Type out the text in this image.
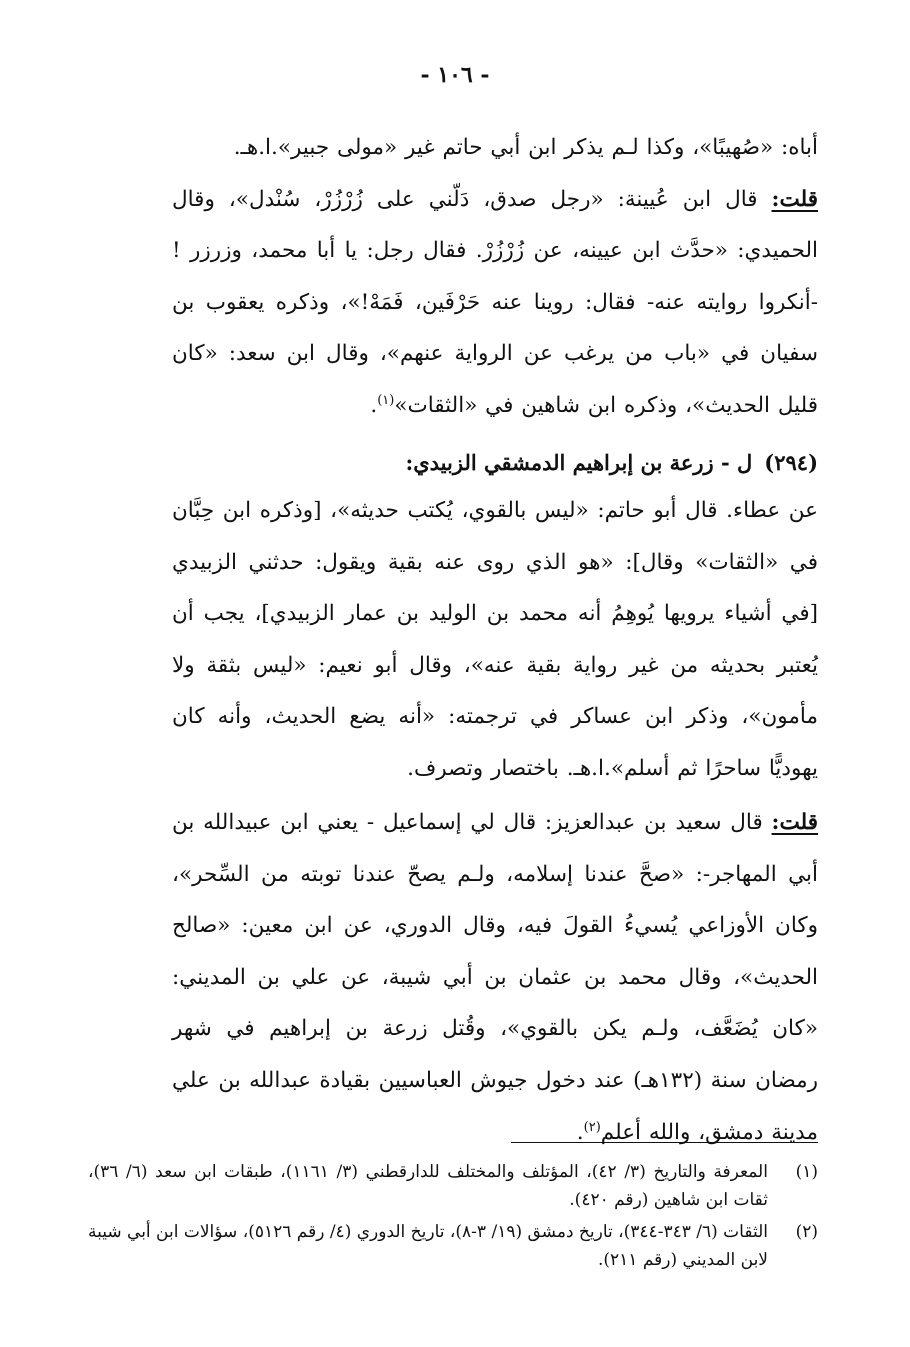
- ١٠٦ -
أباه: «صُهيبًا»، وكذا لـم يذكر ابن أبي حاتم غير «مولى جبير».ا.هـ.
قلت: قال ابن عُيينة: «رجل صدق، دَلّني على زُرْزُرْ، سُنْدل»، وقال الحميدي: «حدَّث ابن عيينه، عن زُرْزُرْ. فقال رجل: يا أبا محمد، وزرزر ! -أنكروا روايته عنه- فقال: روينا عنه حَرْفَين، فَمَهْ!»، وذكره يعقوب بن سفيان في «باب من يرغب عن الرواية عنهم»، وقال ابن سعد: «كان قليل الحديث»، وذكره ابن شاهين في «الثقات»$^{(١)}$.
(٢٩٤)ل - زرعة بن إبراهيم الدمشقي الزبيدي:
عن عطاء. قال أبو حاتم: «ليس بالقوي، يُكتب حديثه»، [وذكره ابن حِبَّان في «الثقات» وقال]: «هو الذي روى عنه بقية ويقول: حدثني الزبيدي [في أشياء يرويها يُوهِمُ أنه محمد بن الوليد بن عمار الزبيدي]، يجب أن يُعتبر بحديثه من غير رواية بقية عنه»، وقال أبو نعيم: «ليس بثقة ولا مأمون»، وذكر ابن عساكر في ترجمته: «أنه يضع الحديث، وأنه كان يهوديًّا ساحرًا ثم أسلم».ا.هـ. باختصار وتصرف.
قلت: قال سعيد بن عبدالعزيز: قال لي إسماعيل - يعني ابن عبيدالله بن أبي المهاجر-: «صحَّ عندنا إسلامه، ولـم يصحّ عندنا توبته من السِّحر»، وكان الأوزاعي يُسيءُ القولَ فيه، وقال الدوري، عن ابن معين: «صالح الحديث»، وقال محمد بن عثمان بن أبي شيبة، عن علي بن المديني: «كان يُضَعَّف، ولـم يكن بالقوي»، وقُتل زرعة بن إبراهيم في شهر رمضان سنة (١٣٢هـ) عند دخول جيوش العباسيين بقيادة عبدالله بن علي مدينة دمشق، والله أعلم$^{(٢)}$.
(١)
المعرفة والتاريخ (٣/ ٤٢)، المؤتلف والمختلف للدارقطني (٣/ ١١٦١)، طبقات ابن سعد (٦/ ٣٦)، ثقات ابن شاهين (رقم ٤٢٠).
(٢)
الثقات (٦/ ٣٤٣-٣٤٤)، تاريخ دمشق (١٩/ ٣-٨)، تاريخ الدوري (٤/ رقم ٥١٢٦)، سؤالات ابن أبي شيبة لابن المديني (رقم ٢١١).
